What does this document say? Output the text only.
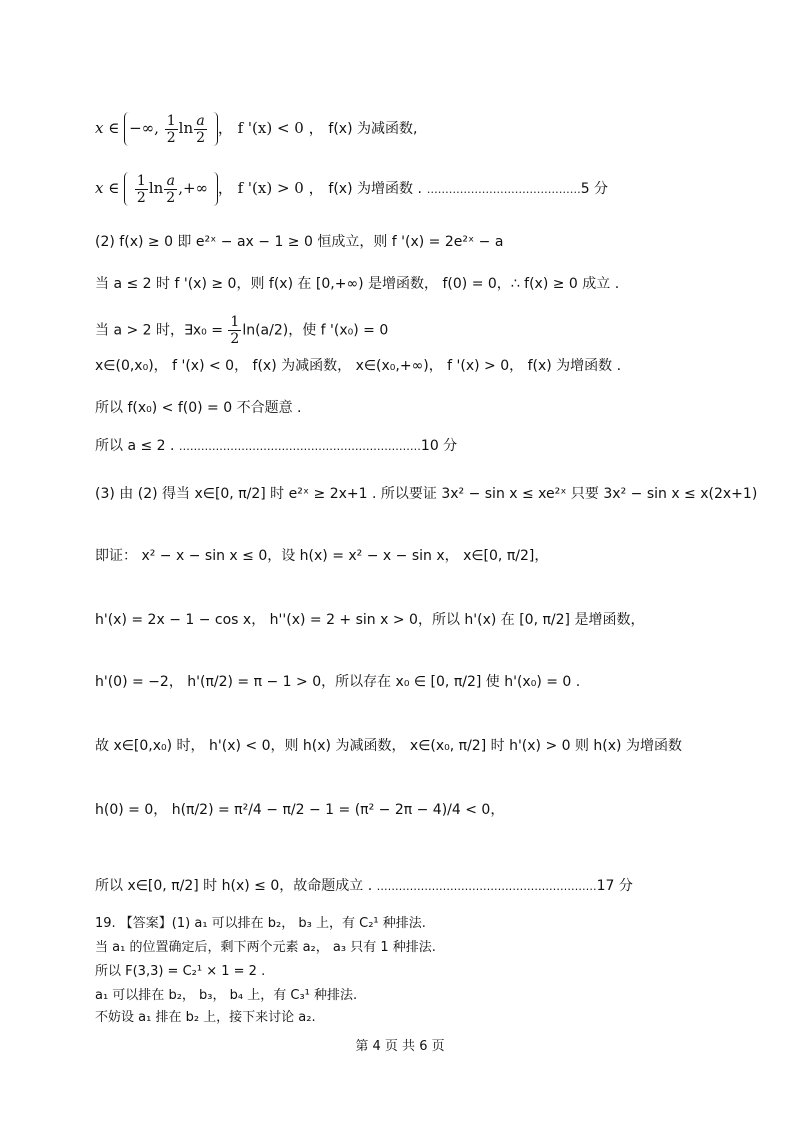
x ∈ −∞, $\frac{1}{2}$ $\ln \frac{a}{2}$ ， f '(x) < 0 ， f(x) 为减函数,
x ∈ $\frac{1}{2}$ $\ln \frac{a}{2}$ ,+∞ ， f '(x) > 0 ， f(x) 为增函数 . ……………………………………5 分
(2) f(x) ≥ 0 即 e²ˣ − ax − 1 ≥ 0 恒成立，则 f '(x) = 2e²ˣ − a
当 a ≤ 2 时 f '(x) ≥ 0，则 f(x) 在 [0,+∞) 是增函数， f(0) = 0，∴ f(x) ≥ 0 成立 .
当 a > 2 时，∃x₀ = $\frac{1}{2} \ln(a/2)$，使 f '(x₀) = 0
x∈(0,x₀)， f '(x) < 0， f(x) 为减函数， x∈(x₀,+∞)， f '(x) > 0， f(x) 为增函数 .
所以 f(x₀) < f(0) = 0 不合题意 .
所以 a ≤ 2 . …………………………………………………………10 分
(3) 由 (2) 得当 x∈[0, π/2] 时 e²ˣ ≥ 2x+1 . 所以要证 3x² − sin x ≤ xe²ˣ 只要 3x² − sin x ≤ x(2x+1)
即证： x² − x − sin x ≤ 0，设 h(x) = x² − x − sin x， x∈[0, π/2]，
h'(x) = 2x − 1 − cos x， h''(x) = 2 + sin x > 0，所以 h'(x) 在 [0, π/2] 是增函数，
h'(0) = −2， h'(π/2) = π − 1 > 0，所以存在 x₀ ∈ [0, π/2] 使 h'(x₀) = 0 .
故 x∈[0,x₀) 时， h'(x) < 0，则 h(x) 为减函数， x∈(x₀, π/2] 时 h'(x) > 0 则 h(x) 为增函数
h(0) = 0， h(π/2) = π²/4 − π/2 − 1 = (π² − 2π − 4)/4 < 0，
所以 x∈[0, π/2] 时 h(x) ≤ 0，故命题成立 . ……………………………………………………17 分
19. 【答案】(1) a₁ 可以排在 b₂， b₃ 上，有 C₂¹ 种排法.
当 a₁ 的位置确定后，剩下两个元素 a₂， a₃ 只有 1 种排法.
所以 F(3,3) = C₂¹ × 1 = 2 .
a₁ 可以排在 b₂， b₃， b₄ 上，有 C₃¹ 种排法.
不妨设 a₁ 排在 b₂ 上，接下来讨论 a₂.
第 4 页 共 6 页
